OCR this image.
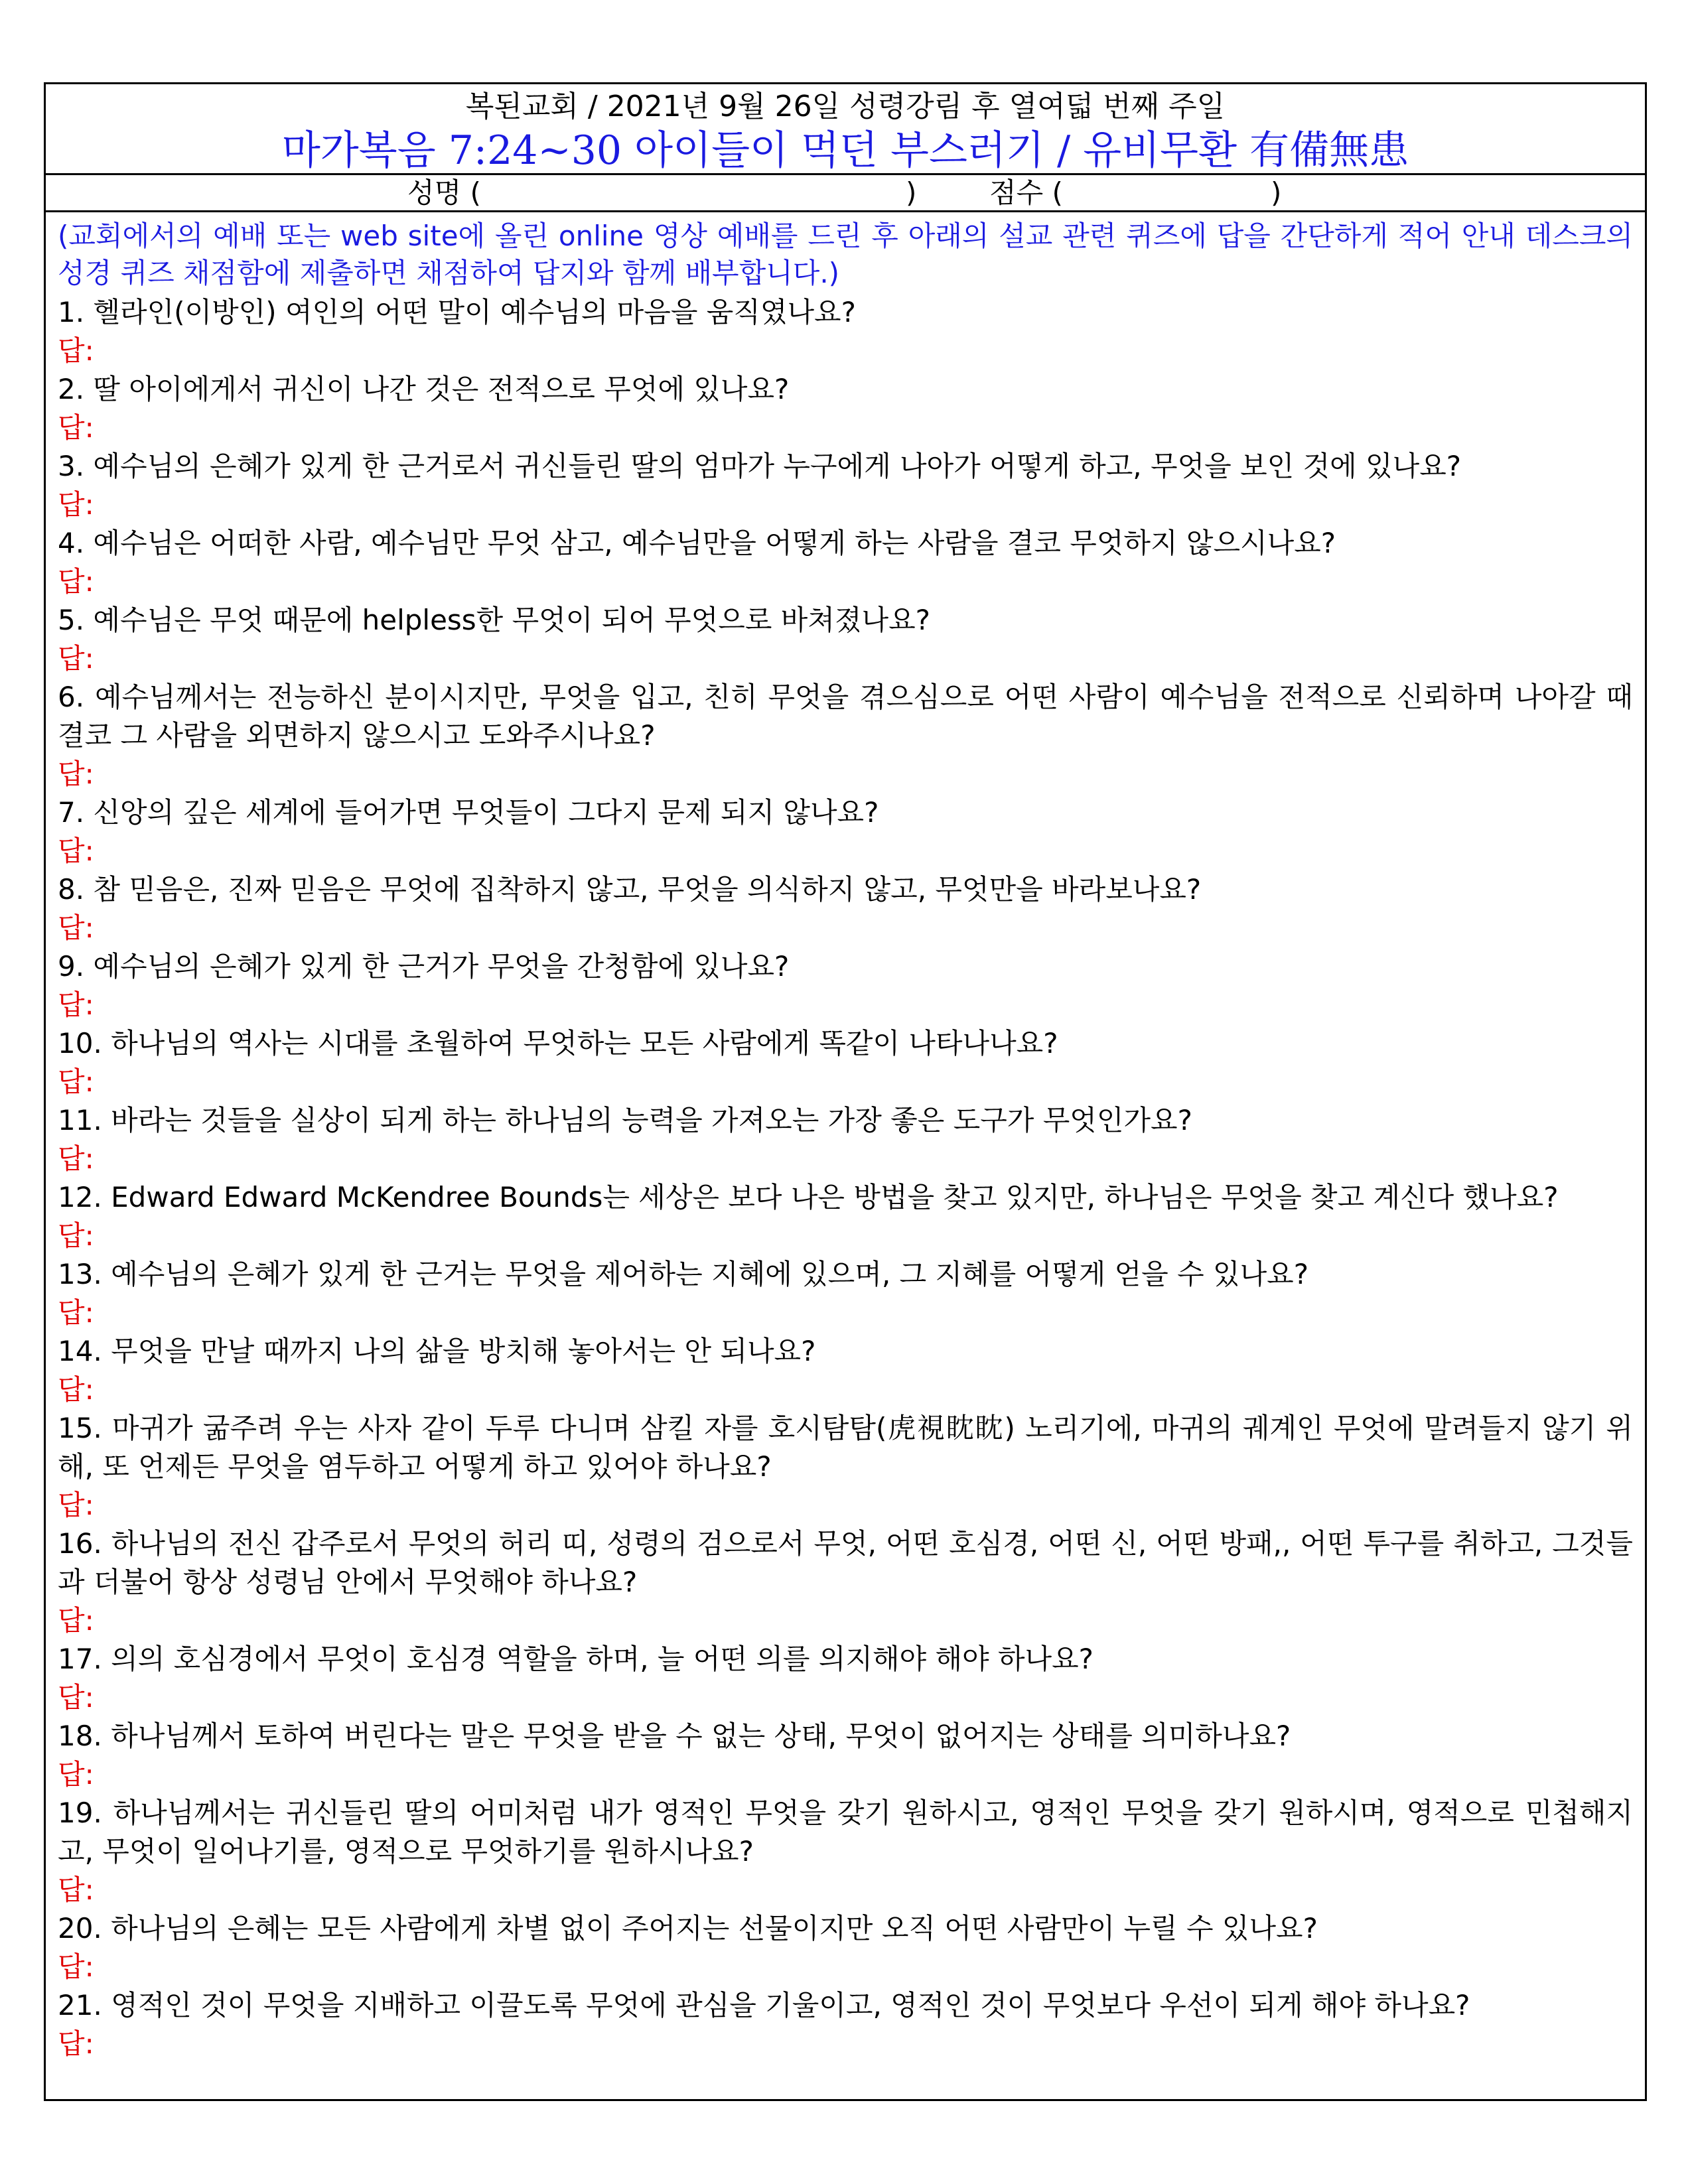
복된교회 / 2021년 9월 26일 성령강림 후 열여덟 번째 주일
마가복음 7:24~30 아이들이 먹던 부스러기 / 유비무환 有備無患
성명 (	)	점수 (	)
(교회에서의 예배 또는 web site에 올린 online 영상 예배를 드린 후 아래의 설교 관련 퀴즈에 답을 간단하게 적어 안내 데스크의 성경 퀴즈 채점함에 제출하면 채점하여 답지와 함께 배부합니다.)
1. 헬라인(이방인) 여인의 어떤 말이 예수님의 마음을 움직였나요?
답:
2. 딸 아이에게서 귀신이 나간 것은 전적으로 무엇에 있나요?
답:
3. 예수님의 은혜가 있게 한 근거로서 귀신들린 딸의 엄마가 누구에게 나아가 어떻게 하고, 무엇을 보인 것에 있나요?
답:
4. 예수님은 어떠한 사람, 예수님만 무엇 삼고, 예수님만을 어떻게 하는 사람을 결코 무엇하지 않으시나요?
답:
5. 예수님은 무엇 때문에 helpless한 무엇이 되어 무엇으로 바쳐졌나요?
답:
6. 예수님께서는 전능하신 분이시지만, 무엇을 입고, 친히 무엇을 겪으심으로 어떤 사람이 예수님을 전적으로 신뢰하며 나아갈 때 결코 그 사람을 외면하지 않으시고 도와주시나요?
답:
7. 신앙의 깊은 세계에 들어가면 무엇들이 그다지 문제 되지 않나요?
답:
8. 참 믿음은, 진짜 믿음은 무엇에 집착하지 않고, 무엇을 의식하지 않고, 무엇만을 바라보나요?
답:
9. 예수님의 은혜가 있게 한 근거가 무엇을 간청함에 있나요?
답:
10. 하나님의 역사는 시대를 초월하여 무엇하는 모든 사람에게 똑같이 나타나나요?
답:
11. 바라는 것들을 실상이 되게 하는 하나님의 능력을 가져오는 가장 좋은 도구가 무엇인가요?
답:
12. Edward Edward McKendree Bounds는 세상은 보다 나은 방법을 찾고 있지만, 하나님은 무엇을 찾고 계신다 했나요?
답:
13. 예수님의 은혜가 있게 한 근거는 무엇을 제어하는 지혜에 있으며, 그 지혜를 어떻게 얻을 수 있나요?
답:
14. 무엇을 만날 때까지 나의 삶을 방치해 놓아서는 안 되나요?
답:
15. 마귀가 굶주려 우는 사자 같이 두루 다니며 삼킬 자를 호시탐탐(虎視眈眈) 노리기에, 마귀의 궤계인 무엇에 말려들지 않기 위해, 또 언제든 무엇을 염두하고 어떻게 하고 있어야 하나요?
답:
16. 하나님의 전신 갑주로서 무엇의 허리 띠, 성령의 검으로서 무엇, 어떤 호심경, 어떤 신, 어떤 방패,, 어떤 투구를 취하고, 그것들과 더불어 항상 성령님 안에서 무엇해야 하나요?
답:
17. 의의 호심경에서 무엇이 호심경 역할을 하며, 늘 어떤 의를 의지해야 해야 하나요?
답:
18. 하나님께서 토하여 버린다는 말은 무엇을 받을 수 없는 상태, 무엇이 없어지는 상태를 의미하나요?
답:
19. 하나님께서는 귀신들린 딸의 어미처럼 내가 영적인 무엇을 갖기 원하시고, 영적인 무엇을 갖기 원하시며, 영적으로 민첩해지고, 무엇이 일어나기를, 영적으로 무엇하기를 원하시나요?
답:
20. 하나님의 은혜는 모든 사람에게 차별 없이 주어지는 선물이지만 오직 어떤 사람만이 누릴 수 있나요?
답:
21. 영적인 것이 무엇을 지배하고 이끌도록 무엇에 관심을 기울이고, 영적인 것이 무엇보다 우선이 되게 해야 하나요?
답:
